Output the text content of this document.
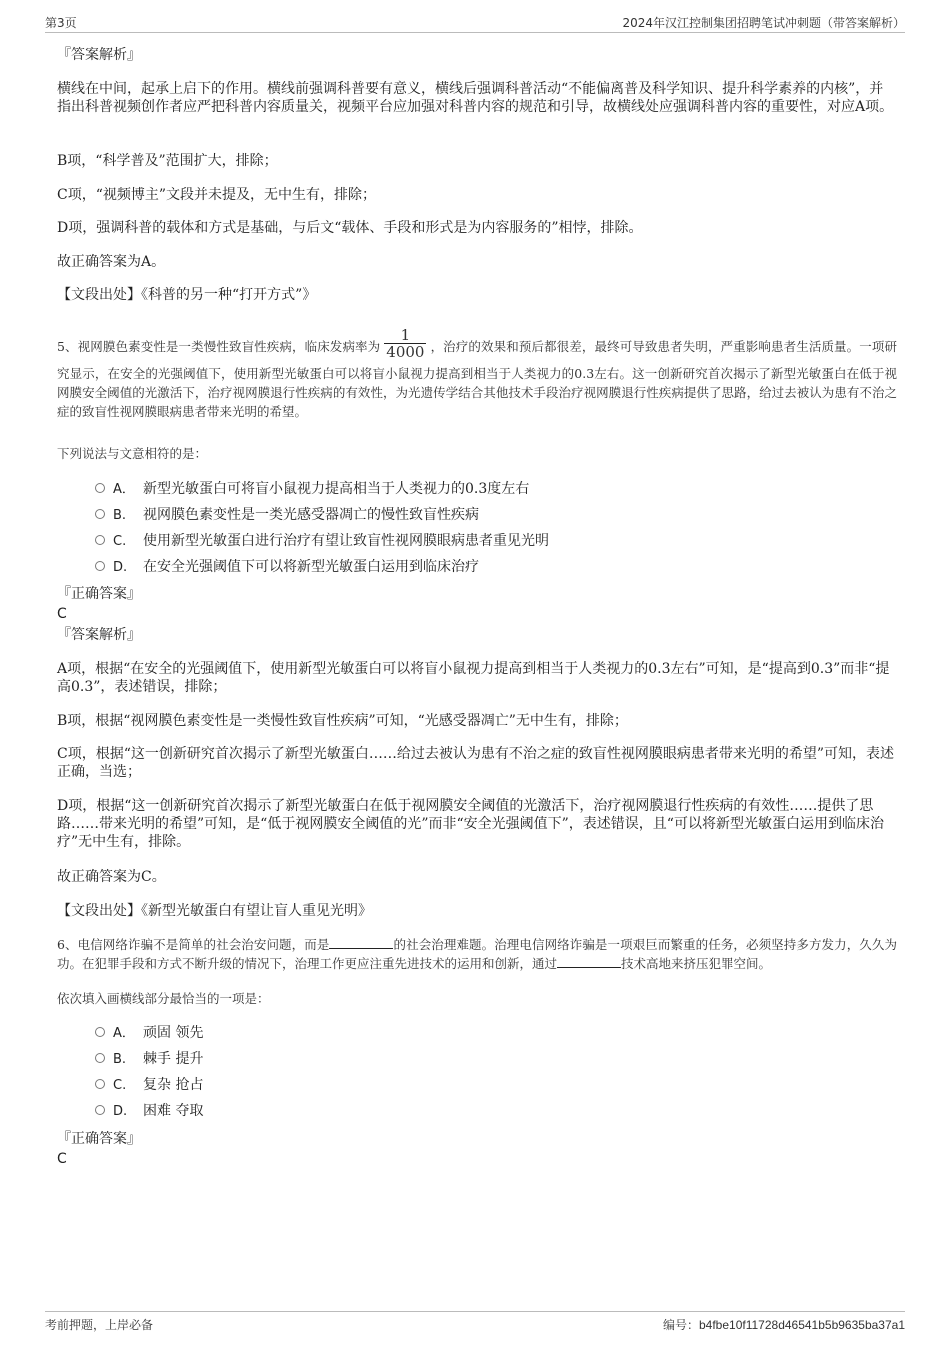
第3页	2024年汉江控制集团招聘笔试冲刺题（带答案解析）

『答案解析』

横线在中间，起承上启下的作用。横线前强调科普要有意义，横线后强调科普活动“不能偏离普及科学知识、提升科学素养的内核”，并指出科普视频创作者应严把科普内容质量关，视频平台应加强对科普内容的规范和引导，故横线处应强调科普内容的重要性，对应A项。

B项，“科学普及”范围扩大，排除；

C项，“视频博主”文段并未提及，无中生有，排除；

D项，强调科普的载体和方式是基础，与后文“载体、手段和形式是为内容服务的”相悖，排除。

故正确答案为A。

【文段出处】《科普的另一种“打开方式”》

5、视网膜色素变性是一类慢性致盲性疾病，临床发病率为 $\frac{1}{4000}$ ，治疗的效果和预后都很差，最终可导致患者失明，严重影响患者生活质量。一项研究显示，在安全的光强阈值下，使用新型光敏蛋白可以将盲小鼠视力提高到相当于人类视力的0.3左右。这一创新研究首次揭示了新型光敏蛋白在低于视网膜安全阈值的光激活下，治疗视网膜退行性疾病的有效性，为光遗传学结合其他技术手段治疗视网膜退行性疾病提供了思路，给过去被认为患有不治之症的致盲性视网膜眼病患者带来光明的希望。

下列说法与文意相符的是：

A． 新型光敏蛋白可将盲小鼠视力提高相当于人类视力的0.3度左右
B. 视网膜色素变性是一类光感受器凋亡的慢性致盲性疾病
C. 使用新型光敏蛋白进行治疗有望让致盲性视网膜眼病患者重见光明
D. 在安全光强阈值下可以将新型光敏蛋白运用到临床治疗

『正确答案』

C

『答案解析』

A项，根据“在安全的光强阈值下，使用新型光敏蛋白可以将盲小鼠视力提高到相当于人类视力的0.3左右”可知，是“提高到0.3”而非“提高0.3”，表述错误，排除；

B项，根据“视网膜色素变性是一类慢性致盲性疾病”可知，“光感受器凋亡”无中生有，排除；

C项，根据“这一创新研究首次揭示了新型光敏蛋白……给过去被认为患有不治之症的致盲性视网膜眼病患者带来光明的希望”可知，表述正确，当选；

D项，根据“这一创新研究首次揭示了新型光敏蛋白在低于视网膜安全阈值的光激活下，治疗视网膜退行性疾病的有效性……提供了思路……带来光明的希望”可知，是“低于视网膜安全阈值的光”而非“安全光强阈值下”，表述错误，且“可以将新型光敏蛋白运用到临床治疗”无中生有，排除。

故正确答案为C。

【文段出处】《新型光敏蛋白有望让盲人重见光明》

6、电信网络诈骗不是简单的社会治安问题，而是	的社会治理难题。治理电信网络诈骗是一项艰巨而繁重的任务，必须坚持多方发力，久久为功。在犯罪手段和方式不断升级的情况下，治理工作更应注重先进技术的运用和创新，通过	技术高地来挤压犯罪空间。

依次填入画横线部分最恰当的一项是：

A． 顽固 领先
B. 棘手 提升
C. 复杂 抢占
D. 困难 夺取

『正确答案』

C

考前押题，上岸必备	编号：b4fbe10f11728d46541b5b9635ba37a1
